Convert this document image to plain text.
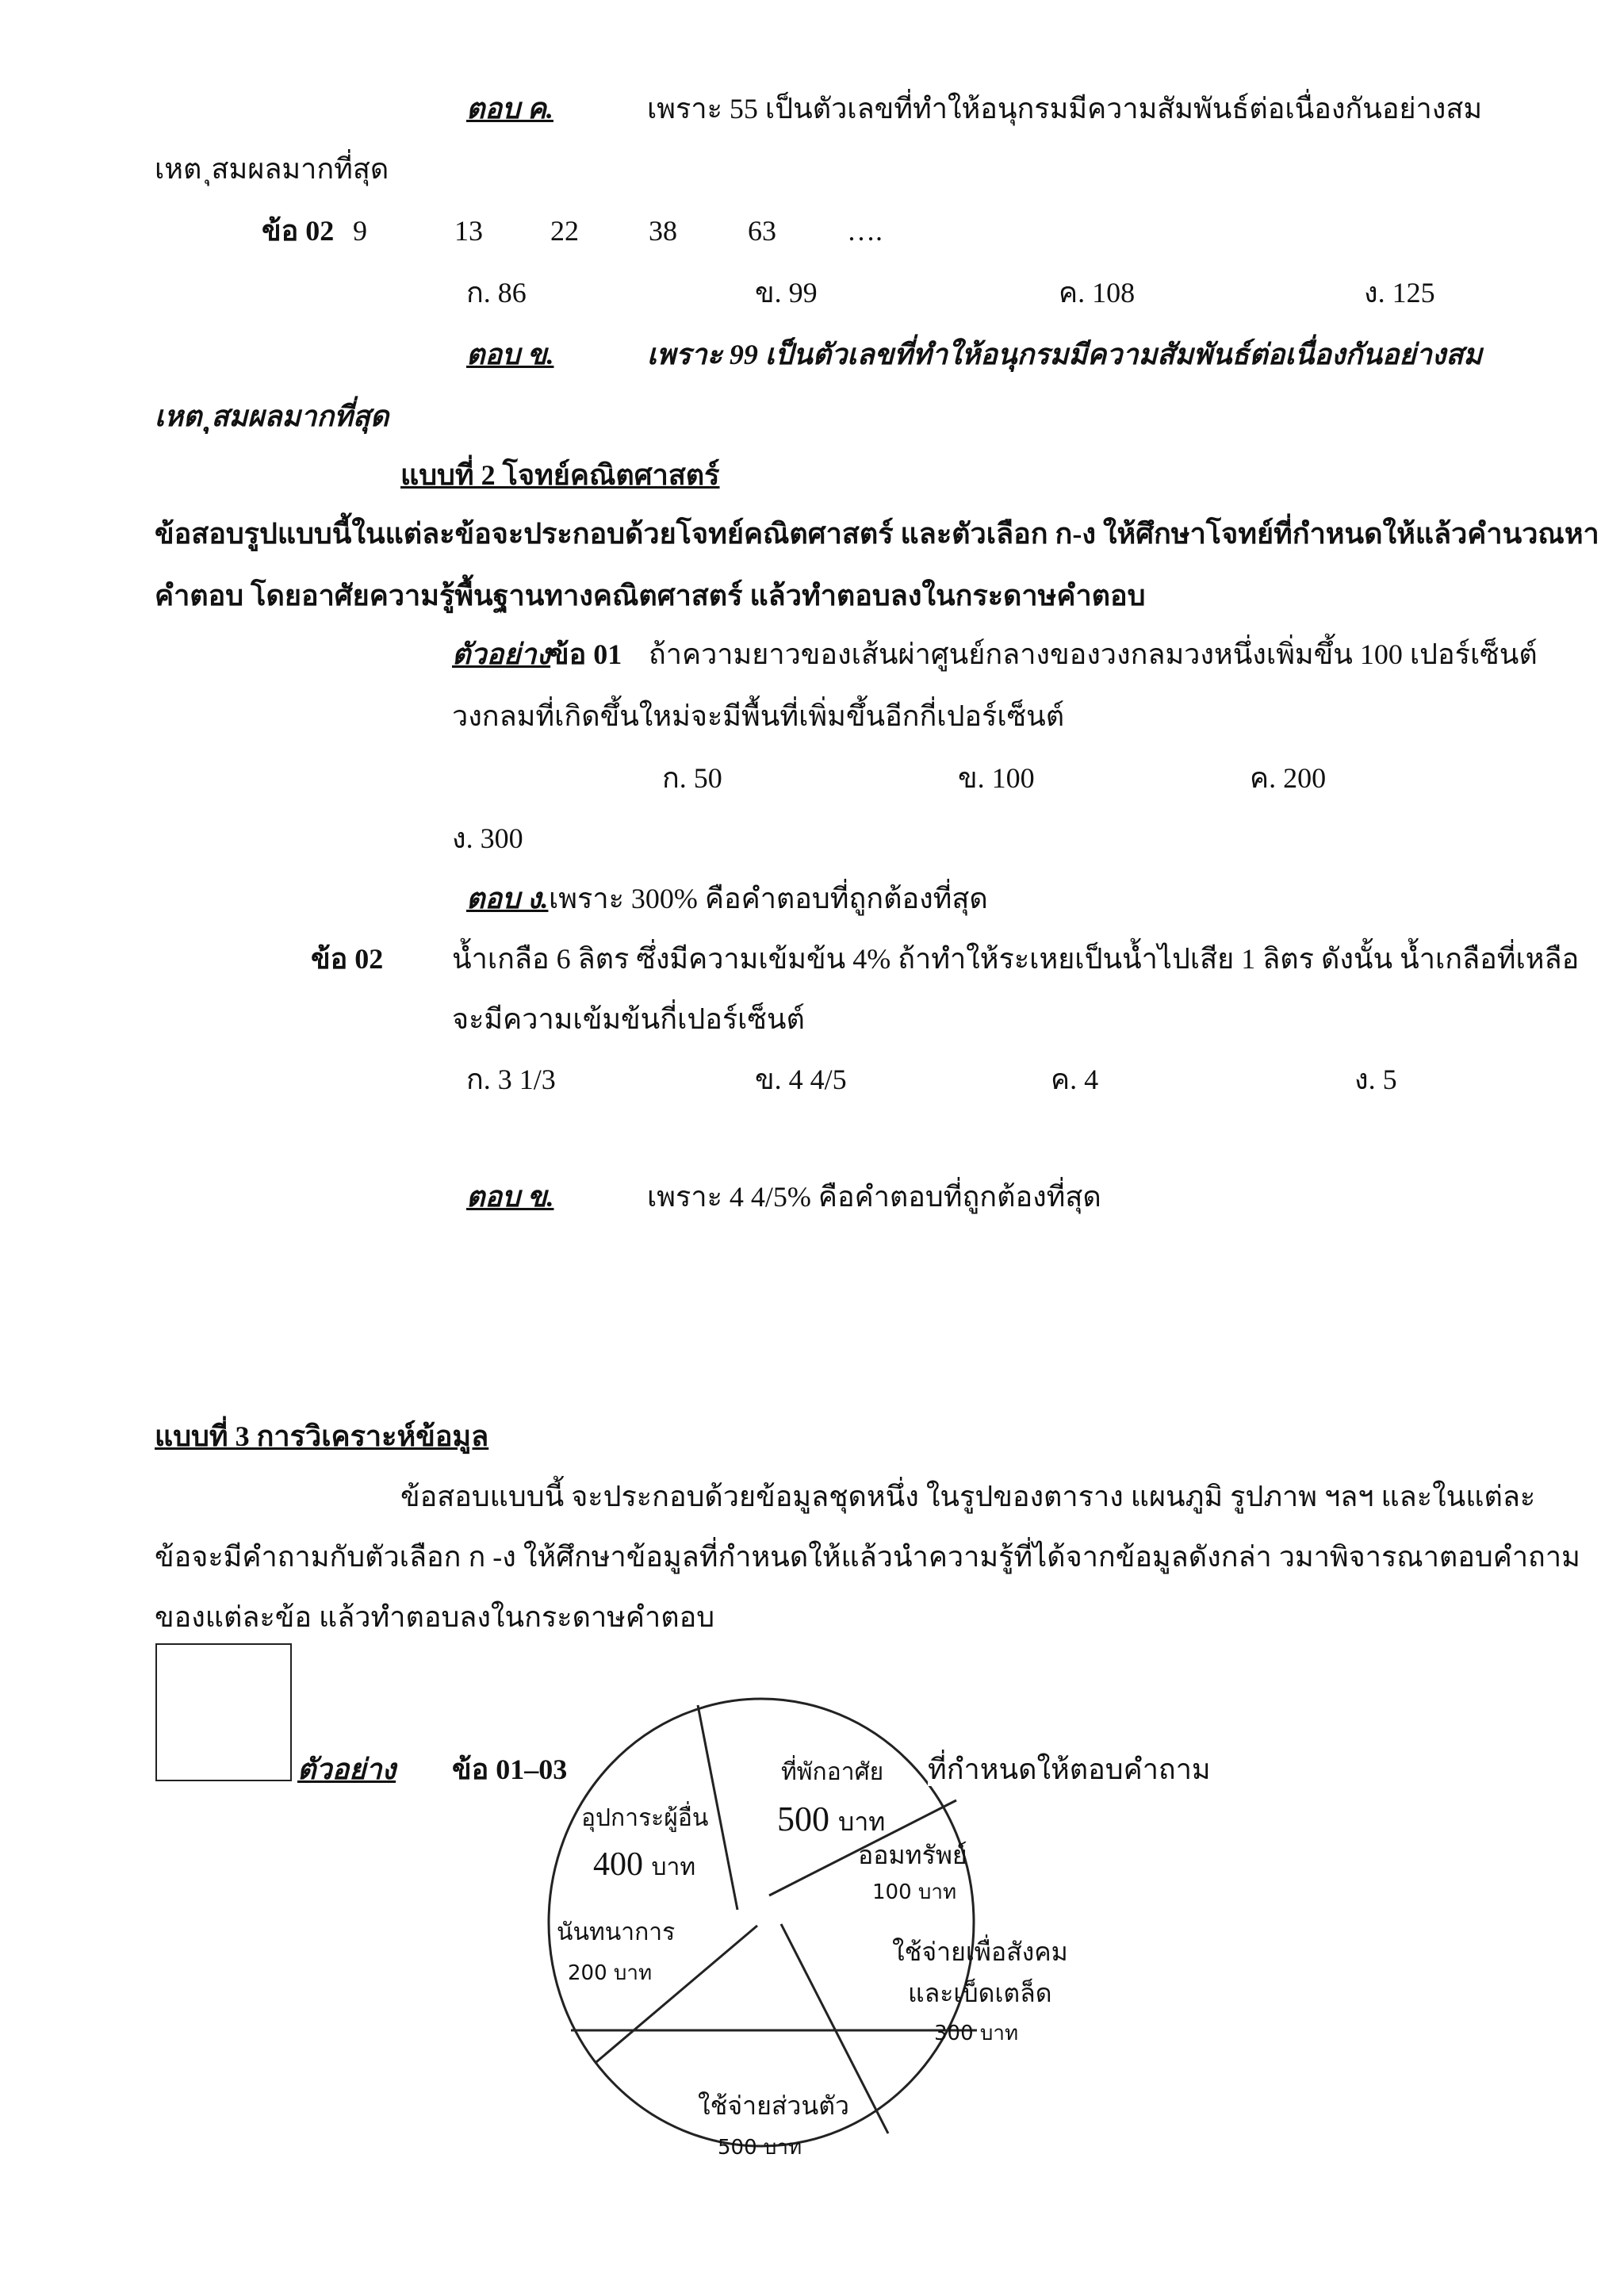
ตอบ ค.	เพราะ 55 เป็นตัวเลขที่ทำให้อนุกรมมีความสัมพันธ์ต่อเนื่องกันอย่างสม
เหต ุสมผลมากที่สุด
ข้อ 02 9	13 22 38 63 ….
ก. 86	ข. 99	ค. 108	ง. 125
ตอบ ข.	เพราะ 99 เป็นตัวเลขที่ทำให้อนุกรมมีความสัมพันธ์ต่อเนื่องกันอย่างสม
เหต ุสมผลมากที่สุด
แบบที่ 2 โจทย์คณิตศาสตร์
ข้อสอบรูปแบบนี้ในแต่ละข้อจะประกอบด้วยโจทย์คณิตศาสตร์ และตัวเลือก ก-ง ให้ศึกษาโจทย์ที่กำหนดให้แล้วคำนวณหา
คำตอบ โดยอาศัยความรู้พื้นฐานทางคณิตศาสตร์ แล้วทำตอบลงในกระดาษคำตอบ
ตัวอย่าง
ข้อ 01 ถ้าความยาวของเส้นผ่าศูนย์กลางของวงกลมวงหนึ่งเพิ่มขึ้น 100 เปอร์เซ็นต์
วงกลมที่เกิดขึ้นใหม่จะมีพื้นที่เพิ่มขึ้นอีกกี่เปอร์เซ็นต์
ก. 50	ข. 100	ค. 200
ง. 300
ตอบ ง. เพราะ 300% คือคำตอบที่ถูกต้องที่สุด
ข้อ 02 น้ำเกลือ 6 ลิตร ซึ่งมีความเข้มข้น 4% ถ้าทำให้ระเหยเป็นน้ำไปเสีย 1 ลิตร ดังนั้น น้ำเกลือที่เหลือ
จะมีความเข้มข้นกี่เปอร์เซ็นต์
ก. 3 1/3	ข. 4 4/5	ค. 4	ง. 5
ตอบ ข.	เพราะ 4 4/5% คือคำตอบที่ถูกต้องที่สุด
แบบที่ 3 การวิเคราะห์ข้อมูล
ข้อสอบแบบนี้ จะประกอบด้วยข้อมูลชุดหนึ่ง ในรูปของตาราง แผนภูมิ รูปภาพ ฯลฯ และในแต่ละ
ข้อจะมีคำถามกับตัวเลือก ก -ง ให้ศึกษาข้อมูลที่กำหนดให้แล้วนำความรู้ที่ได้จากข้อมูลดังกล่า วมาพิจารณาตอบคำถาม
ของแต่ละข้อ แล้วทำตอบลงในกระดาษคำตอบ
ตัวอย่าง ข้อ 01–03	ที่กำหนดให้ตอบคำถาม
ที่พักอาศัย
500 บาท
ออมทรัพย์
100 บาท
ใช้จ่ายเพื่อสังคม
และเบ็ดเตล็ด
300 บาท
ใช้จ่ายส่วนตัว
500 บาท
นันทนาการ
200 บาท
อุปการะผู้อื่น
400 บาท
